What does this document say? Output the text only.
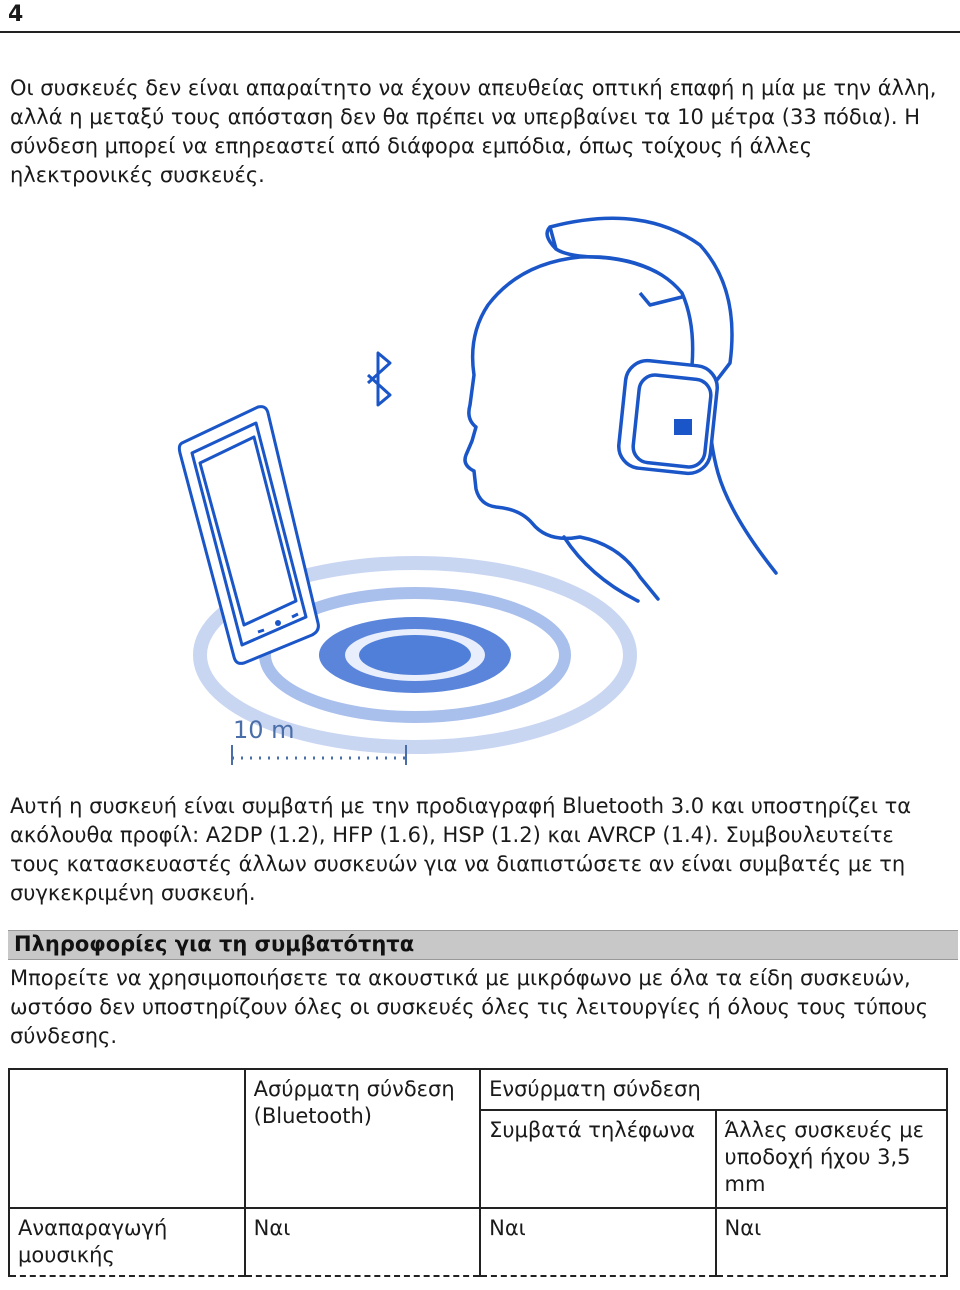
4
Οι συσκευές δεν είναι απαραίτητο να έχουν απευθείας οπτική επαφή η μία με την άλλη, αλλά η μεταξύ τους απόσταση δεν θα πρέπει να υπερβαίνει τα 10 μέτρα (33 πόδια). Η σύνδεση μπορεί να επηρεαστεί από διάφορα εμπόδια, όπως τοίχους ή άλλες ηλεκτρονικές συσκευές.
10 m
Αυτή η συσκευή είναι συμβατή με την προδιαγραφή Bluetooth 3.0 και υποστηρίζει τα ακόλουθα προφίλ: A2DP (1.2), HFP (1.6), HSP (1.2) και AVRCP (1.4). Συμβουλευτείτε τους κατασκευαστές άλλων συσκευών για να διαπιστώσετε αν είναι συμβατές με τη συγκεκριμένη συσκευή.
Πληροφορίες για τη συμβατότητα
Μπορείτε να χρησιμοποιήσετε τα ακουστικά με μικρόφωνο με όλα τα είδη συσκευών, ωστόσο δεν υποστηρίζουν όλες οι συσκευές όλες τις λειτουργίες ή όλους τους τύπους σύνδεσης.
	Ασύρματη σύνδεση (Bluetooth)	Ενσύρματη σύνδεση	
		Συμβατά τηλέφωνα	Άλλες συσκευές με υποδοχή ήχου 3,5 mm
Αναπαραγωγή μουσικής	Ναι	Ναι	Ναι
